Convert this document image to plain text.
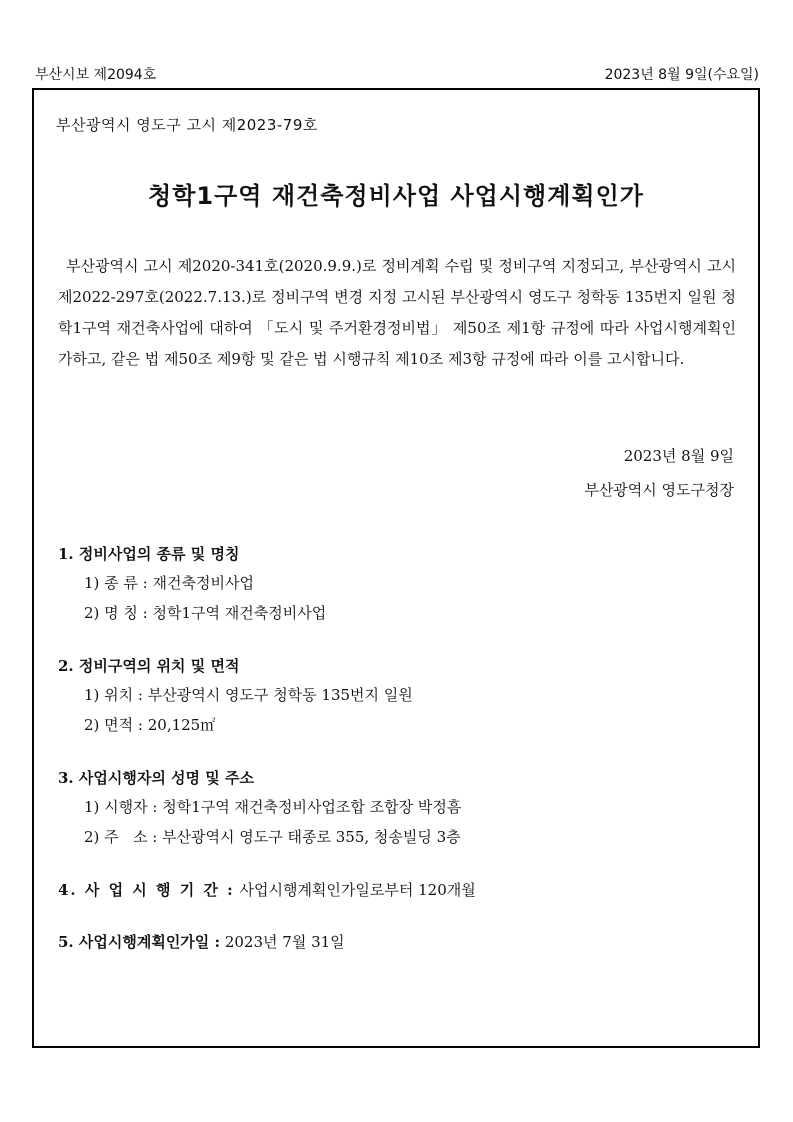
부산시보 제2094호	2023년 8월 9일(수요일)
부산광역시 영도구 고시 제2023-79호
청학1구역 재건축정비사업 사업시행계획인가

부산광역시 고시 제2020-341호(2020.9.9.)로 정비계획 수립 및 정비구역 지정되고, 부산광역시 고시 제2022-297호(2022.7.13.)로 정비구역 변경 지정 고시된 부산광역시 영도구 청학동 135번지 일원 청학1구역 재건축사업에 대하여 「도시 및 주거환경정비법」 제50조 제1항 규정에 따라 사업시행계획인가하고, 같은 법 제50조 제9항 및 같은 법 시행규칙 제10조 제3항 규정에 따라 이를 고시합니다.

2023년 8월 9일
부산광역시 영도구청장
1. 정비사업의 종류 및 명칭
1) 종 류 : 재건축정비사업
2) 명 칭 : 청학1구역 재건축정비사업
2. 정비구역의 위치 및 면적
1) 위치 : 부산광역시 영도구 청학동 135번지 일원
2) 면적 : 20,125㎡
3. 사업시행자의 성명 및 주소
1) 시행자 : 청학1구역 재건축정비사업조합 조합장 박정흠
2) 주   소 : 부산광역시 영도구 태종로 355, 청송빌딩 3층
4. 사 업 시 행 기 간 : 사업시행계획인가일로부터 120개월
5. 사업시행계획인가일 : 2023년 7월 31일
